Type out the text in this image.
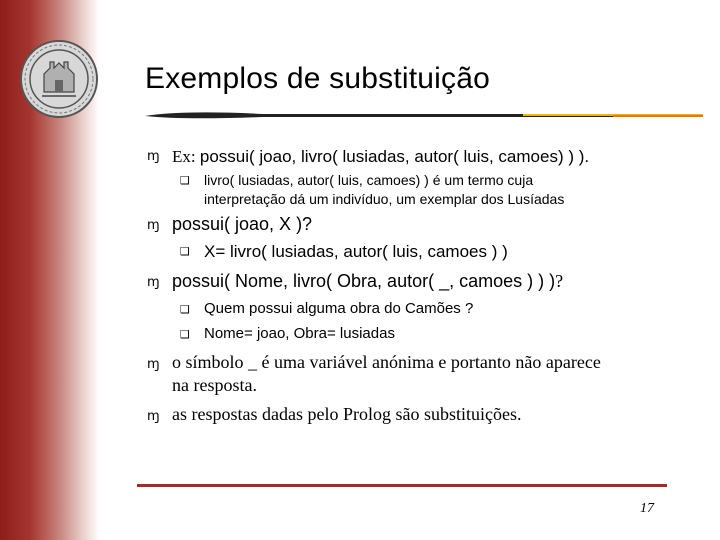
Exemplos de substituição
ɱ Ex: possui( joao, livro( lusiadas, autor( luis, camoes) ) ).
❑ livro( lusiadas, autor( luis, camoes) ) é um termo cuja
interpretação dá um indivíduo, um exemplar dos Lusíadas
ɱ possui( joao, X )?
❑ X= livro( lusiadas, autor( luis, camoes ) )
ɱ possui( Nome, livro( Obra, autor( _, camoes ) ) )?
❑ Quem possui alguma obra do Camões ?
❑ Nome= joao, Obra= lusiadas
ɱ o símbolo _ é uma variável anónima e portanto não aparece
na resposta.
ɱ as respostas dadas pelo Prolog são substituições.
17
